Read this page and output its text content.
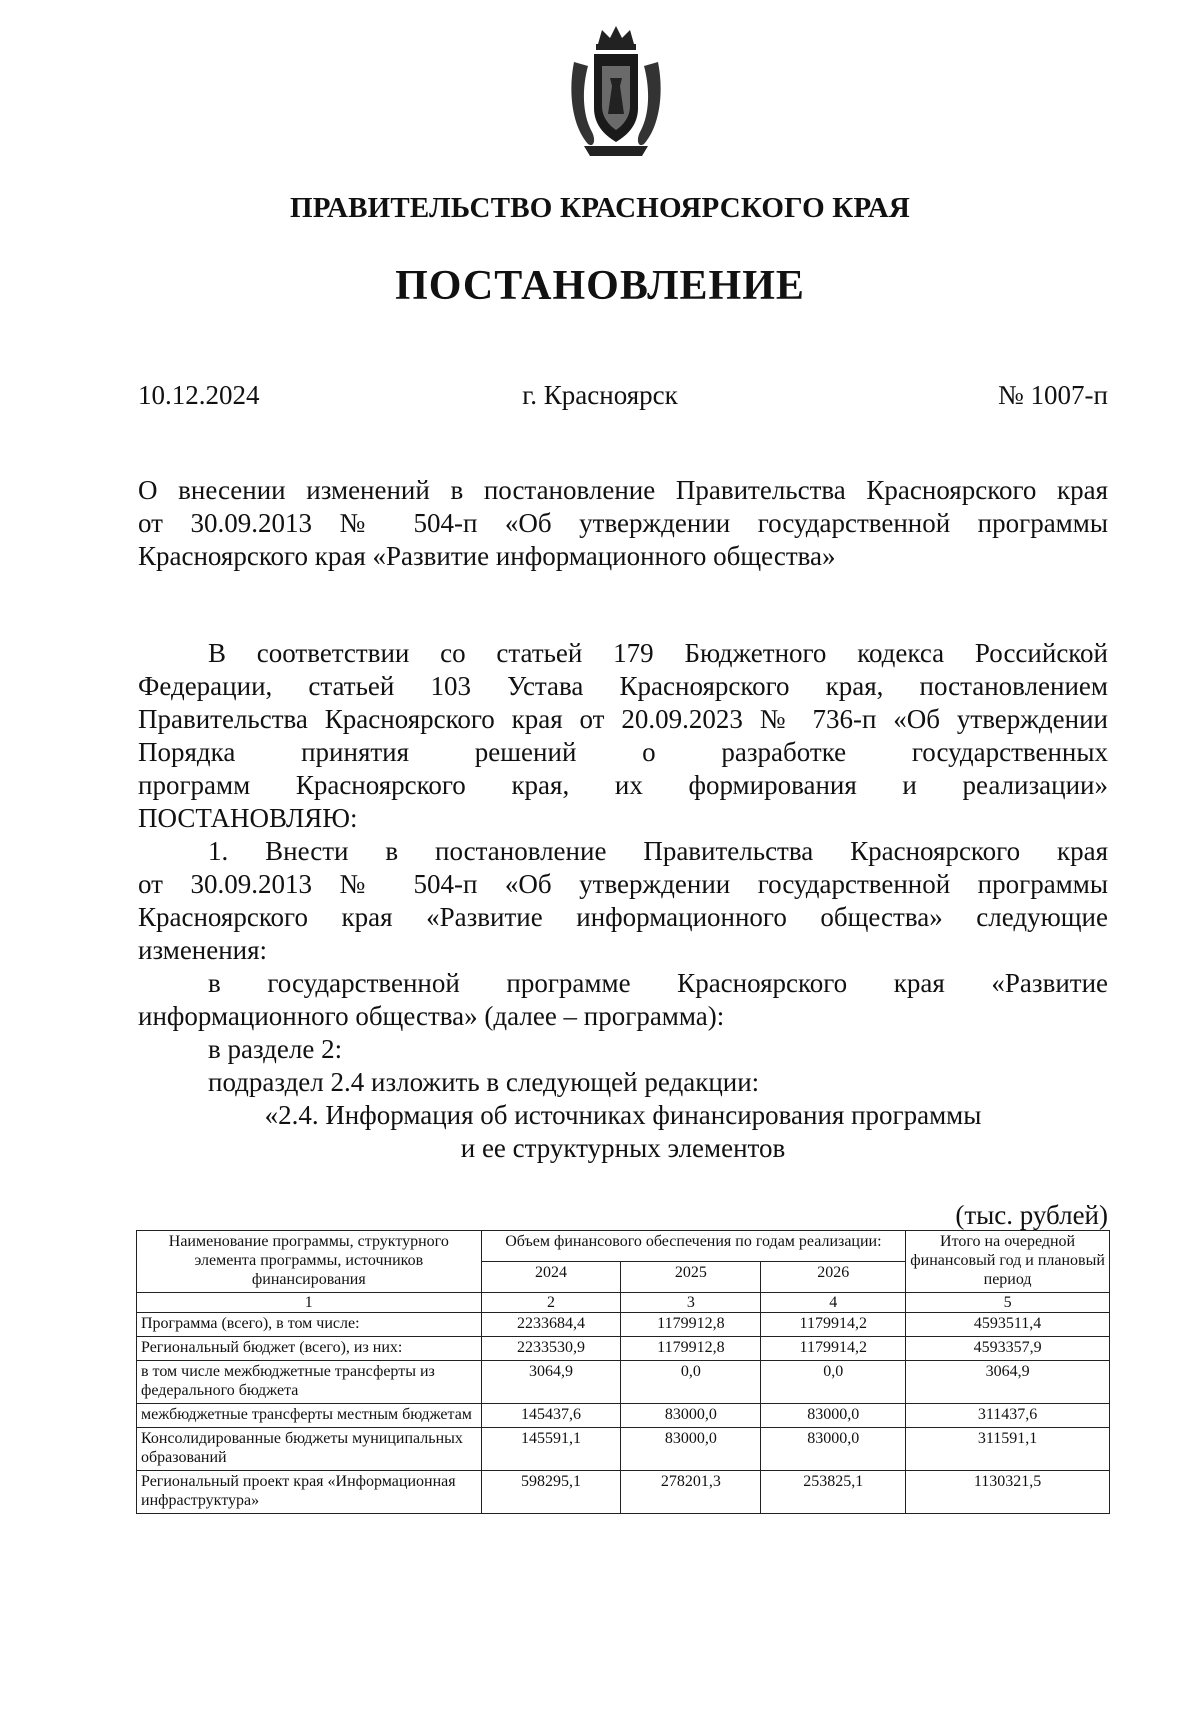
ПРАВИТЕЛЬСТВО КРАСНОЯРСКОГО КРАЯ
ПОСТАНОВЛЕНИЕ
10.12.2024	г. Красноярск	№ 1007-п
О внесении изменений в постановление Правительства Красноярского края
от 30.09.2013 № 504-п «Об утверждении государственной программы
Красноярского края «Развитие информационного общества»
В соответствии со статьей 179 Бюджетного кодекса Российской
Федерации, статьей 103 Устава Красноярского края, постановлением
Правительства Красноярского края от 20.09.2023 № 736-п «Об утверждении
Порядка принятия решений о разработке государственных
программ Красноярского края, их формирования и реализации»
ПОСТАНОВЛЯЮ:
1. Внести в постановление Правительства Красноярского края
от 30.09.2013 № 504-п «Об утверждении государственной программы
Красноярского края «Развитие информационного общества» следующие
изменения:
в государственной программе Красноярского края «Развитие
информационного общества» (далее – программа):
в разделе 2:
подраздел 2.4 изложить в следующей редакции:
«2.4. Информация об источниках финансирования программы
и ее структурных элементов
(тыс. рублей)
Наименование программы, структурного элемента программы, источников финансирования	Объем финансового обеспечения по годам реализации:			Итого на очередной финансовый год и плановый период
	2024	2025	2026	
1	2	3	4	5
Программа (всего), в том числе:	2233684,4	1179912,8	1179914,2	4593511,4
Региональный бюджет (всего), из них:	2233530,9	1179912,8	1179914,2	4593357,9
в том числе межбюджетные трансферты из федерального бюджета	3064,9	0,0	0,0	3064,9
межбюджетные трансферты местным бюджетам	145437,6	83000,0	83000,0	311437,6
Консолидированные бюджеты муниципальных образований	145591,1	83000,0	83000,0	311591,1
Региональный проект края «Информационная инфраструктура»	598295,1	278201,3	253825,1	1130321,5
